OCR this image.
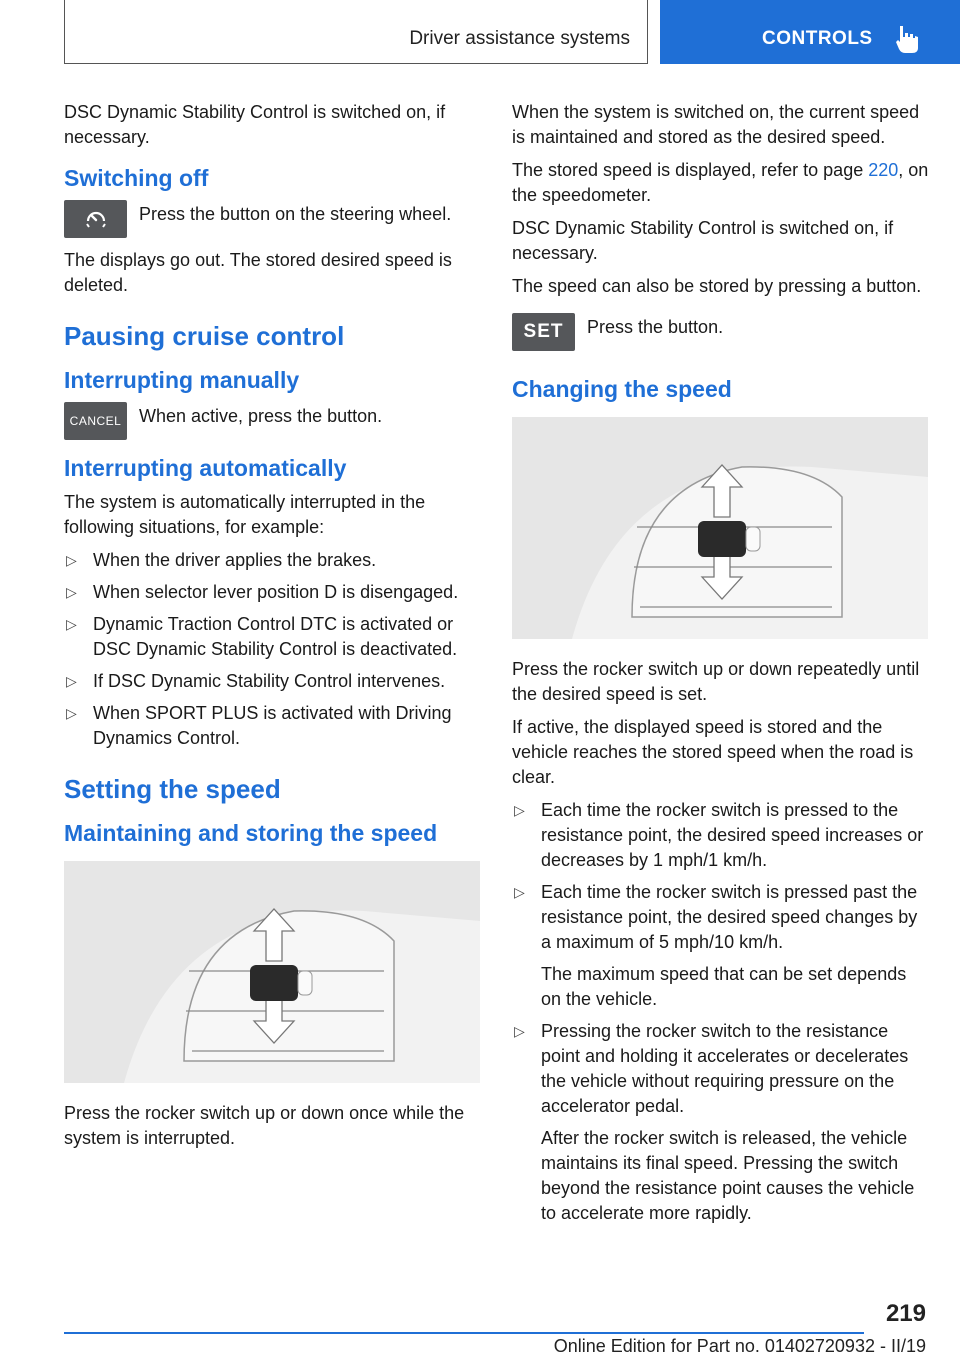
Driver assistance systems	CONTROLS

DSC Dynamic Stability Control is switched on, if necessary.

Switching off

Press the button on the steering wheel.

The displays go out. The stored desired speed is deleted.

Pausing cruise control
Interrupting manually
CANCEL When active, press the button.

Interrupting automatically

The system is automatically interrupted in the following situations, for example:

▷ When the driver applies the brakes.
▷ When selector lever position D is disengaged.
▷ Dynamic Traction Control DTC is activated or DSC Dynamic Stability Control is deactivated.
▷ If DSC Dynamic Stability Control intervenes.
▷ When SPORT PLUS is activated with Driving Dynamics Control.
Setting the speed
Maintaining and storing the speed

Press the rocker switch up or down once while the system is interrupted.

When the system is switched on, the current speed is maintained and stored as the desired speed.

The stored speed is displayed, refer to page 220, on the speedometer.

DSC Dynamic Stability Control is switched on, if necessary.

The speed can also be stored by pressing a button.

SET Press the button.

Changing the speed

Press the rocker switch up or down repeatedly until the desired speed is set.

If active, the displayed speed is stored and the vehicle reaches the stored speed when the road is clear.

▷ Each time the rocker switch is pressed to the resistance point, the desired speed increases or decreases by 1 mph/1 km/h.
▷ Each time the rocker switch is pressed past the resistance point, the desired speed changes by a maximum of 5 mph/10 km/h.
The maximum speed that can be set depends on the vehicle.
▷ Pressing the rocker switch to the resistance point and holding it accelerates or decelerates the vehicle without requiring pressure on the accelerator pedal.
After the rocker switch is released, the vehicle maintains its final speed. Pressing the switch beyond the resistance point causes the vehicle to accelerate more rapidly.
219
Online Edition for Part no. 01402720932 - II/19
